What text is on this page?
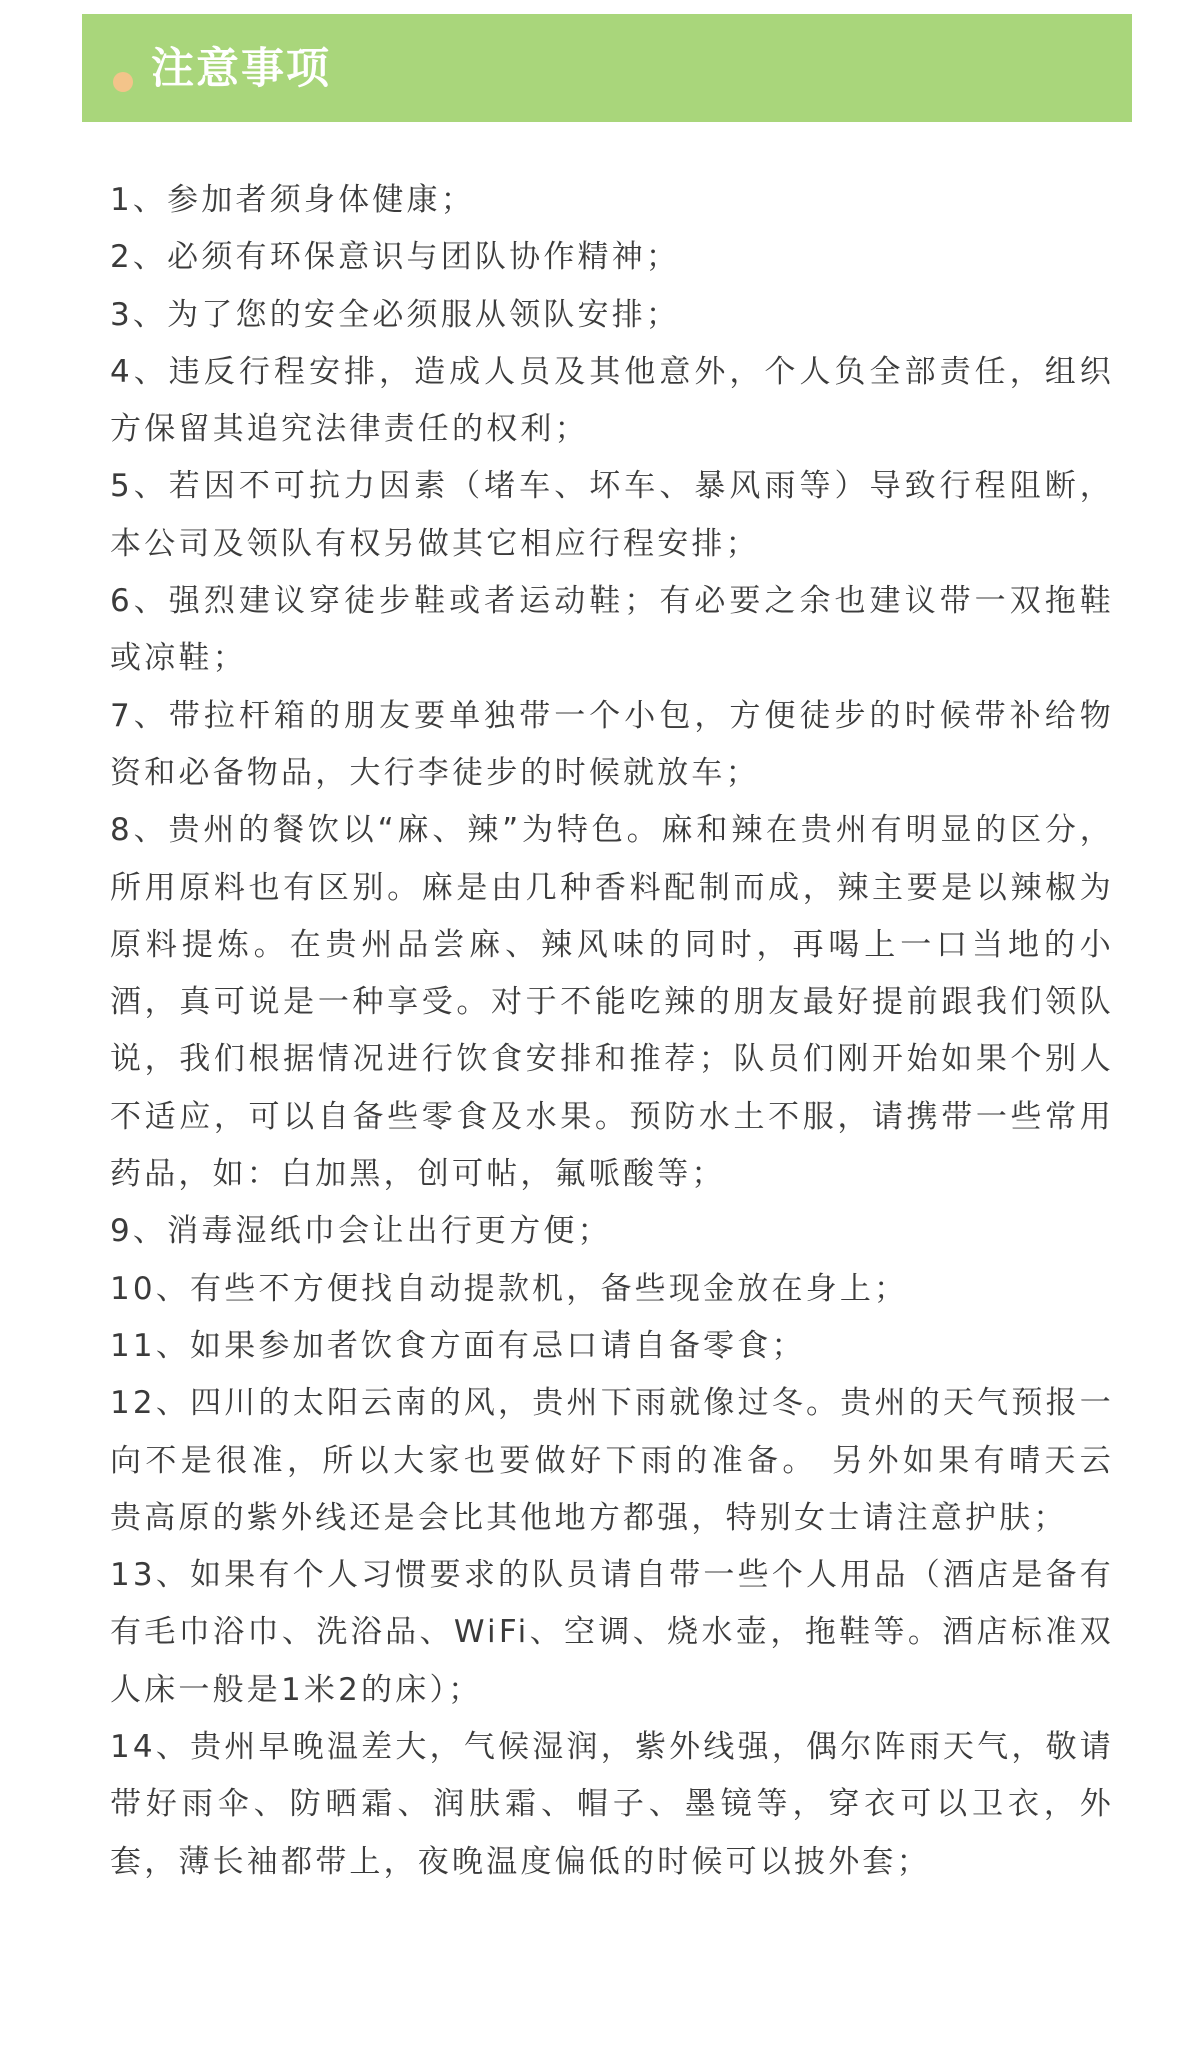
注意事项
1、参加者须身体健康；
2、必须有环保意识与团队协作精神；
3、为了您的安全必须服从领队安排；
4、违反行程安排，造成人员及其他意外，个人负全部责任，组织方保留其追究法律责任的权利；
5、若因不可抗力因素（堵车、坏车、暴风雨等）导致行程阻断，本公司及领队有权另做其它相应行程安排；
6、强烈建议穿徒步鞋或者运动鞋；有必要之余也建议带一双拖鞋或凉鞋；
7、带拉杆箱的朋友要单独带一个小包，方便徒步的时候带补给物资和必备物品，大行李徒步的时候就放车；
8、贵州的餐饮以“麻、辣”为特色。麻和辣在贵州有明显的区分，所用原料也有区别。麻是由几种香料配制而成，辣主要是以辣椒为原料提炼。在贵州品尝麻、辣风味的同时，再喝上一口当地的小酒，真可说是一种享受。对于不能吃辣的朋友最好提前跟我们领队说，我们根据情况进行饮食安排和推荐；队员们刚开始如果个别人不适应，可以自备些零食及水果。预防水土不服，请携带一些常用药品，如：白加黑，创可帖，氟哌酸等；
9、消毒湿纸巾会让出行更方便；
10、有些不方便找自动提款机，备些现金放在身上；
11、如果参加者饮食方面有忌口请自备零食；
12、四川的太阳云南的风，贵州下雨就像过冬。贵州的天气预报一向不是很准，所以大家也要做好下雨的准备。 另外如果有晴天云贵高原的紫外线还是会比其他地方都强，特别女士请注意护肤；
13、如果有个人习惯要求的队员请自带一些个人用品（酒店是备有有毛巾浴巾、洗浴品、WiFi、空调、烧水壶，拖鞋等。酒店标准双人床一般是1米2的床）；
14、贵州早晚温差大，气候湿润，紫外线强，偶尔阵雨天气，敬请带好雨伞、防晒霜、润肤霜、帽子、墨镜等，穿衣可以卫衣，外套，薄长袖都带上，夜晚温度偏低的时候可以披外套；
